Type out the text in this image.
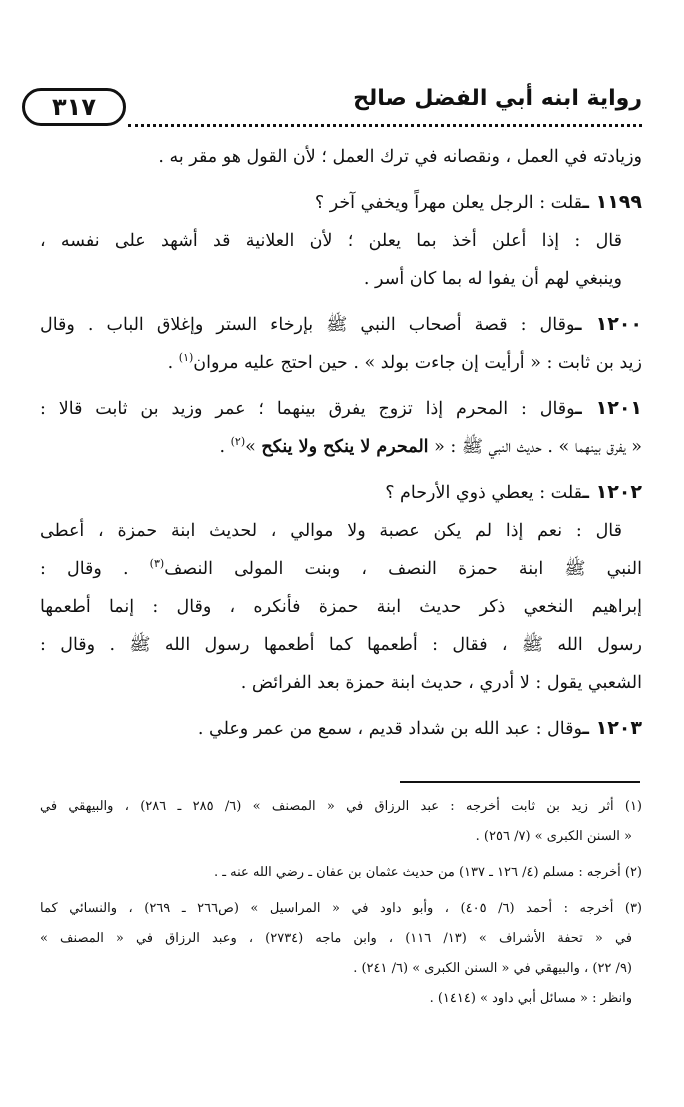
٣١٧	رواية ابنه أبي الفضل صالح
وزيادته في العمل ، ونقصانه في ترك العمل ؛ لأن القول هو مقر به .
١١٩٩ ـقلت : الرجل يعلن مهراً ويخفي آخر ؟
قال : إذا أعلن أخذ بما يعلن ؛ لأن العلانية قد أشهد على نفسه ،
وينبغي لهم أن يفوا له بما كان أسر .
١٢٠٠ ـوقال : قصة أصحاب النبي ﷺ بإرخاء الستر وإغلاق الباب . وقال
زيد بن ثابت : « أرأيت إن جاءت بولد » . حين احتج عليه مروان$^{(١)}$ .
١٢٠١ ـوقال : المحرم إذا تزوج يفرق بينهما ؛ عمر وزيد بن ثابت قالا :
« يفرق بينهما » . حديث النبي ﷺ : « المحرم لا ينكح ولا ينكح »$^{(٢)}$ .
١٢٠٢ ـقلت : يعطي ذوي الأرحام ؟
قال : نعم إذا لم يكن عصبة ولا موالي ، لحديث ابنة حمزة ، أعطى
النبي ﷺ ابنة حمزة النصف ، وبنت المولى النصف$^{(٣)}$ . وقال :
إبراهيم النخعي ذكر حديث ابنة حمزة فأنكره ، وقال : إنما أطعمها
رسول الله ﷺ ، فقال : أطعمها كما أطعمها رسول الله ﷺ . وقال :
الشعبي يقول : لا أدري ، حديث ابنة حمزة بعد الفرائض .
١٢٠٣ ـوقال : عبد الله بن شداد قديم ، سمع من عمر وعلي .
(١) أثر زيد بن ثابت أخرجه : عبد الرزاق في « المصنف » (٦/ ٢٨٥ ـ ٢٨٦) ، والبيهقي في
« السنن الكبرى » (٧/ ٢٥٦) .
(٢) أخرجه : مسلم (٤/ ١٢٦ ـ ١٣٧) من حديث عثمان بن عفان ـ رضي الله عنه ـ .
(٣) أخرجه : أحمد (٦/ ٤٠٥) ، وأبو داود في « المراسيل » (ص٢٦٦ ـ ٢٦٩) ، والنسائي كما
في « تحفة الأشراف » (١٣/ ١١٦) ، وابن ماجه (٢٧٣٤) ، وعبد الرزاق في « المصنف »
(٩/ ٢٢) ، والبيهقي في « السنن الكبرى » (٦/ ٢٤١) .
وانظر : « مسائل أبي داود » (١٤١٤) .
